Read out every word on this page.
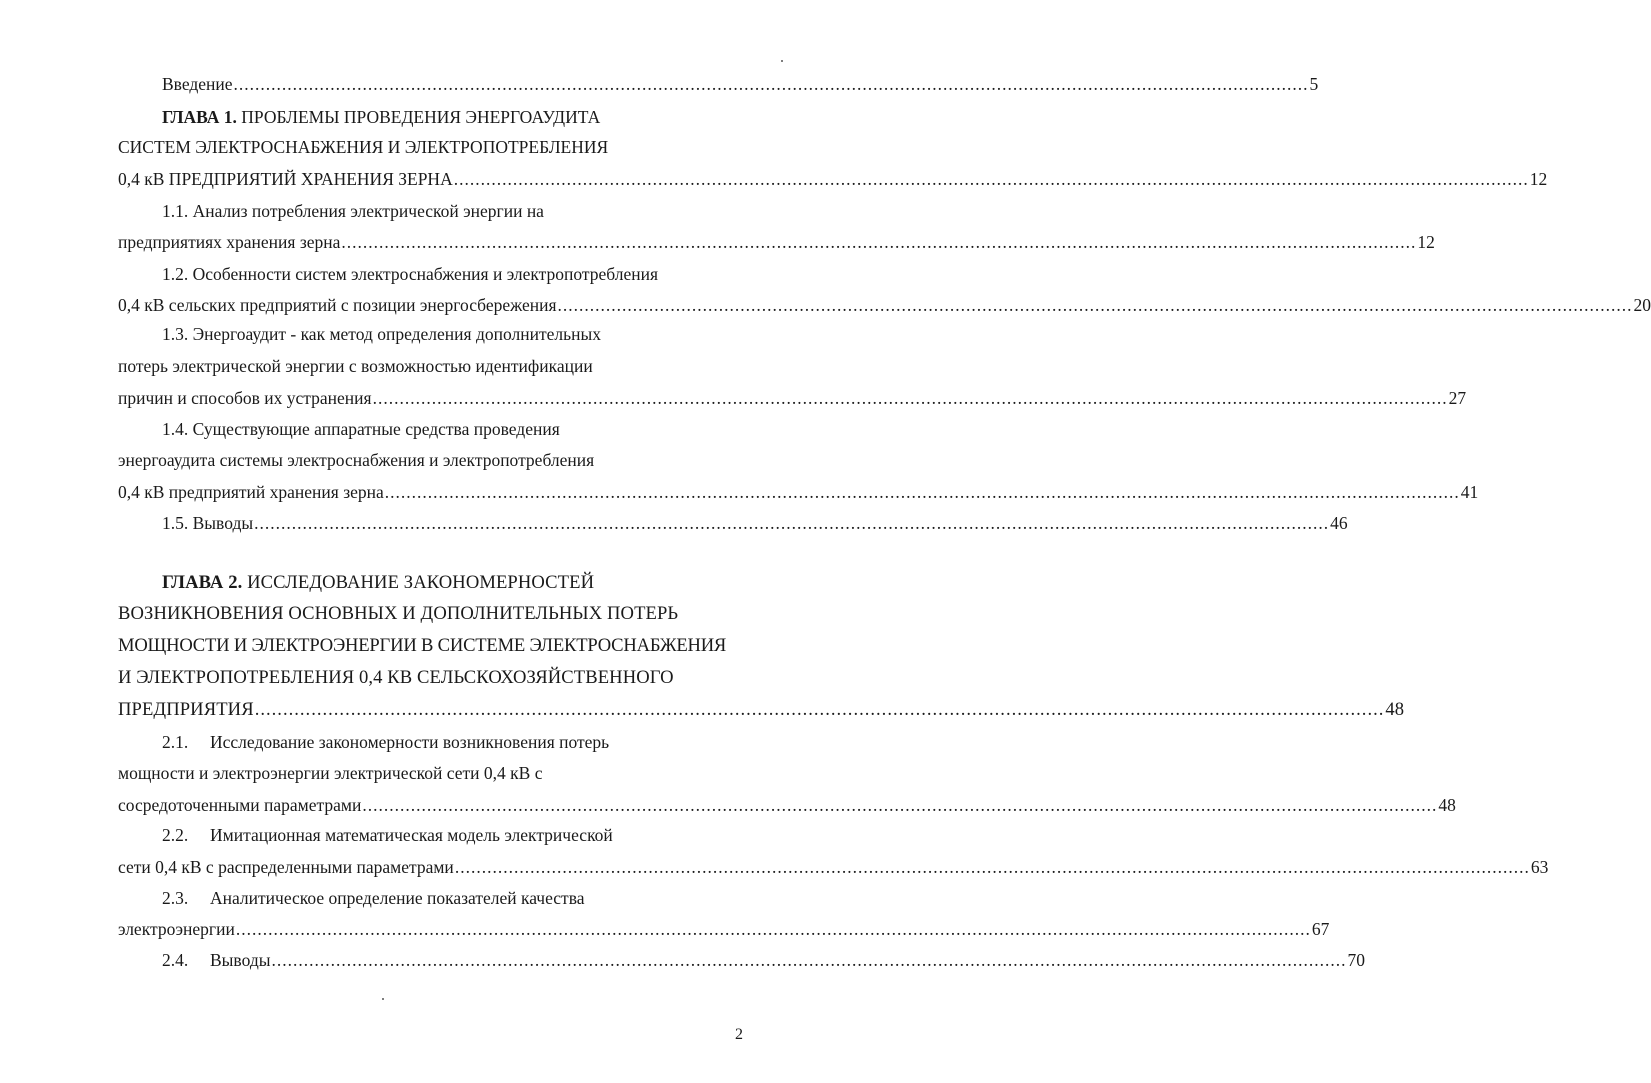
Введение ........................................................................................................................................................................................................ 5
ГЛАВА 1. ПРОБЛЕМЫ ПРОВЕДЕНИЯ ЭНЕРГОАУДИТА
СИСТЕМ ЭЛЕКТРОСНАБЖЕНИЯ И ЭЛЕКТРОПОТРЕБЛЕНИЯ
0,4 кВ ПРЕДПРИЯТИЙ ХРАНЕНИЯ ЗЕРНА ........................................................................................................................................................................................................ 12
1.1. Анализ потребления электрической энергии на
предприятиях хранения зерна ........................................................................................................................................................................................................ 12
1.2. Особенности систем электроснабжения и электропотребления
0,4 кВ сельских предприятий с позиции энергосбережения ........................................................................................................................................................................................................ 20
1.3. Энергоаудит - как метод определения дополнительных
потерь электрической энергии с возможностью идентификации
причин и способов их устранения ........................................................................................................................................................................................................ 27
1.4. Существующие аппаратные средства проведения
энергоаудита системы электроснабжения и электропотребления
0,4 кВ предприятий хранения зерна ........................................................................................................................................................................................................ 41
1.5. Выводы ........................................................................................................................................................................................................ 46
ГЛАВА 2. ИССЛЕДОВАНИЕ ЗАКОНОМЕРНОСТЕЙ
ВОЗНИКНОВЕНИЯ ОСНОВНЫХ И ДОПОЛНИТЕЛЬНЫХ ПОТЕРЬ
МОЩНОСТИ И ЭЛЕКТРОЭНЕРГИИ В СИСТЕМЕ ЭЛЕКТРОСНАБЖЕНИЯ
И ЭЛЕКТРОПОТРЕБЛЕНИЯ 0,4 КВ СЕЛЬСКОХОЗЯЙСТВЕННОГО
ПРЕДПРИЯТИЯ ........................................................................................................................................................................................................ 48
2.1. Исследование закономерности возникновения потерь
мощности и электроэнергии электрической сети 0,4 кВ с
сосредоточенными параметрами ........................................................................................................................................................................................................ 48
2.2. Имитационная математическая модель электрической
сети 0,4 кВ с распределенными параметрами ........................................................................................................................................................................................................ 63
2.3. Аналитическое определение показателей качества
электроэнергии ........................................................................................................................................................................................................ 67
2.4. Выводы ........................................................................................................................................................................................................ 70
2
